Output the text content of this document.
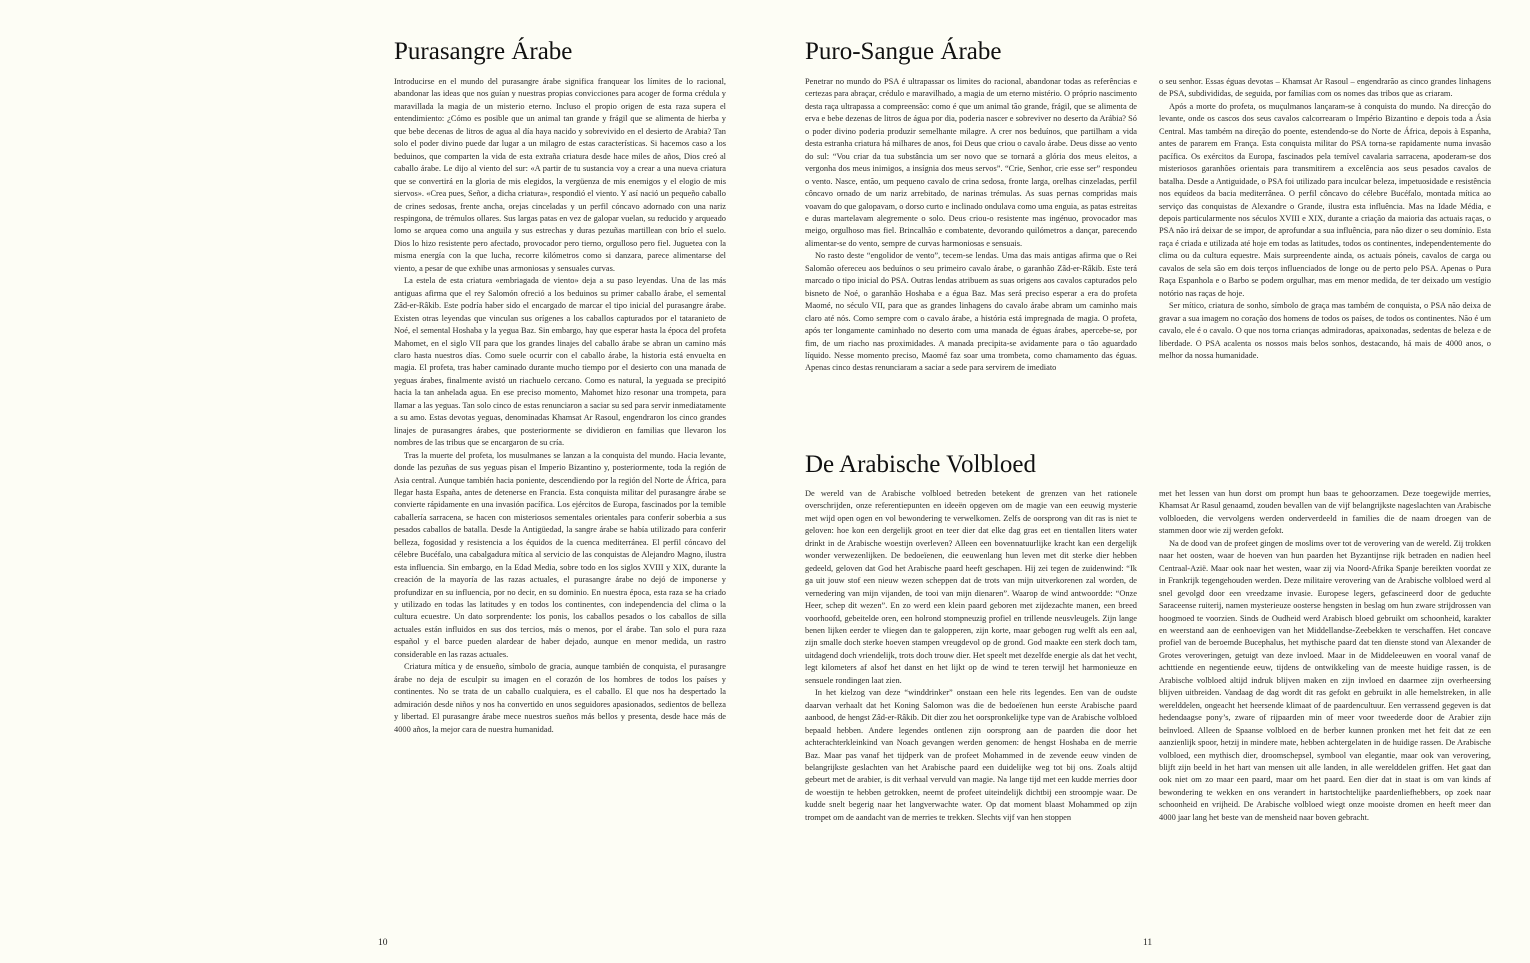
Purasangre Árabe

Introducirse en el mundo del purasangre árabe significa franquear los límites de lo racional, abandonar las ideas que nos guían y nuestras propias convicciones para acoger de forma crédula y maravillada la magia de un misterio eterno. Incluso el propio origen de esta raza supera el entendimiento: ¿Cómo es posible que un animal tan grande y frágil que se alimenta de hierba y que bebe decenas de litros de agua al día haya nacido y sobrevivido en el desierto de Arabia? Tan solo el poder divino puede dar lugar a un milagro de estas características. Si hacemos caso a los beduinos, que comparten la vida de esta extraña criatura desde hace miles de años, Dios creó al caballo árabe. Le dijo al viento del sur: «A partir de tu sustancia voy a crear a una nueva criatura que se convertirá en la gloria de mis elegidos, la vergüenza de mis enemigos y el elogio de mis siervos». «Crea pues, Señor, a dicha criatura», respondió el viento. Y así nació un pequeño caballo de crines sedosas, frente ancha, orejas cinceladas y un perfil cóncavo adornado con una nariz respingona, de trémulos ollares. Sus largas patas en vez de galopar vuelan, su reducido y arqueado lomo se arquea como una anguila y sus estrechas y duras pezuñas martillean con brío el suelo. Dios lo hizo resistente pero afectado, provocador pero tierno, orgulloso pero fiel. Juguetea con la misma energía con la que lucha, recorre kilómetros como si danzara, parece alimentarse del viento, a pesar de que exhibe unas armoniosas y sensuales curvas.

La estela de esta criatura «embriagada de viento» deja a su paso leyendas. Una de las más antiguas afirma que el rey Salomón ofreció a los beduinos su primer caballo árabe, el semental Zâd-er-Râkib. Este podría haber sido el encargado de marcar el tipo inicial del purasangre árabe. Existen otras leyendas que vinculan sus orígenes a los caballos capturados por el tataranieto de Noé, el semental Hoshaba y la yegua Baz. Sin embargo, hay que esperar hasta la época del profeta Mahomet, en el siglo VII para que los grandes linajes del caballo árabe se abran un camino más claro hasta nuestros días. Como suele ocurrir con el caballo árabe, la historia está envuelta en magia. El profeta, tras haber caminado durante mucho tiempo por el desierto con una manada de yeguas árabes, finalmente avistó un riachuelo cercano. Como es natural, la yeguada se precipitó hacia la tan anhelada agua. En ese preciso momento, Mahomet hizo resonar una trompeta, para llamar a las yeguas. Tan solo cinco de estas renunciaron a saciar su sed para servir inmediatamente a su amo. Estas devotas yeguas, denominadas Khamsat Ar Rasoul, engendraron los cinco grandes linajes de purasangres árabes, que posteriormente se dividieron en familias que llevaron los nombres de las tribus que se encargaron de su cría.

Tras la muerte del profeta, los musulmanes se lanzan a la conquista del mundo. Hacia levante, donde las pezuñas de sus yeguas pisan el Imperio Bizantino y, posteriormente, toda la región de Asia central. Aunque también hacia poniente, descendiendo por la región del Norte de África, para llegar hasta España, antes de detenerse en Francia. Esta conquista militar del purasangre árabe se convierte rápidamente en una invasión pacífica. Los ejércitos de Europa, fascinados por la temible caballería sarracena, se hacen con misteriosos sementales orientales para conferir soberbia a sus pesados caballos de batalla. Desde la Antigüedad, la sangre árabe se había utilizado para conferir belleza, fogosidad y resistencia a los équidos de la cuenca mediterránea. El perfil cóncavo del célebre Bucéfalo, una cabalgadura mítica al servicio de las conquistas de Alejandro Magno, ilustra esta influencia. Sin embargo, en la Edad Media, sobre todo en los siglos XVIII y XIX, durante la creación de la mayoría de las razas actuales, el purasangre árabe no dejó de imponerse y profundizar en su influencia, por no decir, en su dominio. En nuestra época, esta raza se ha criado y utilizado en todas las latitudes y en todos los continentes, con independencia del clima o la cultura ecuestre. Un dato sorprendente: los ponis, los caballos pesados o los caballos de silla actuales están influidos en sus dos tercios, más o menos, por el árabe. Tan solo el pura raza español y el barce pueden alardear de haber dejado, aunque en menor medida, un rastro considerable en las razas actuales.

Criatura mítica y de ensueño, símbolo de gracia, aunque también de conquista, el purasangre árabe no deja de esculpir su imagen en el corazón de los hombres de todos los países y continentes. No se trata de un caballo cualquiera, es el caballo. El que nos ha despertado la admiración desde niños y nos ha convertido en unos seguidores apasionados, sedientos de belleza y libertad. El purasangre árabe mece nuestros sueños más bellos y presenta, desde hace más de 4000 años, la mejor cara de nuestra humanidad.

Puro-Sangue Árabe

Penetrar no mundo do PSA é ultrapassar os limites do racional, abandonar todas as referências e certezas para abraçar, crédulo e maravilhado, a magia de um eterno mistério. O próprio nascimento desta raça ultrapassa a compreensão: como é que um animal tão grande, frágil, que se alimenta de erva e bebe dezenas de litros de água por dia, poderia nascer e sobreviver no deserto da Arábia? Só o poder divino poderia produzir semelhante milagre. A crer nos beduínos, que partilham a vida desta estranha criatura há milhares de anos, foi Deus que criou o cavalo árabe. Deus disse ao vento do sul: “Vou criar da tua substância um ser novo que se tornará a glória dos meus eleitos, a vergonha dos meus inimigos, a insígnia dos meus servos”. “Crie, Senhor, crie esse ser” respondeu o vento. Nasce, então, um pequeno cavalo de crina sedosa, fronte larga, orelhas cinzeladas, perfil côncavo ornado de um nariz arrebitado, de narinas trémulas. As suas pernas compridas mais voavam do que galopavam, o dorso curto e inclinado ondulava como uma enguia, as patas estreitas e duras martelavam alegremente o solo. Deus criou-o resistente mas ingénuo, provocador mas meigo, orgulhoso mas fiel. Brincalhão e combatente, devorando quilómetros a dançar, parecendo alimentar-se do vento, sempre de curvas harmoniosas e sensuais.

No rasto deste “engolidor de vento”, tecem-se lendas. Uma das mais antigas afirma que o Rei Salomão ofereceu aos beduínos o seu primeiro cavalo árabe, o garanhão Zâd-er-Râkib. Este terá marcado o tipo inicial do PSA. Outras lendas atribuem as suas origens aos cavalos capturados pelo bisneto de Noé, o garanhão Hoshaba e a égua Baz. Mas será preciso esperar a era do profeta Maomé, no século VII, para que as grandes linhagens do cavalo árabe abram um caminho mais claro até nós. Como sempre com o cavalo árabe, a história está impregnada de magia. O profeta, após ter longamente caminhado no deserto com uma manada de éguas árabes, apercebe-se, por fim, de um riacho nas proximidades. A manada precipita-se avidamente para o tão aguardado líquido. Nesse momento preciso, Maomé faz soar uma trombeta, como chamamento das éguas. Apenas cinco destas renunciaram a saciar a sede para servirem de imediato

o seu senhor. Essas éguas devotas – Khamsat Ar Rasoul – engendrarão as cinco grandes linhagens de PSA, subdivididas, de seguida, por famílias com os nomes das tribos que as criaram.

Após a morte do profeta, os muçulmanos lançaram-se à conquista do mundo. Na direcção do levante, onde os cascos dos seus cavalos calcorrearam o Império Bizantino e depois toda a Ásia Central. Mas também na direção do poente, estendendo-se do Norte de África, depois à Espanha, antes de pararem em França. Esta conquista militar do PSA torna-se rapidamente numa invasão pacífica. Os exércitos da Europa, fascinados pela temível cavalaria sarracena, apoderam-se dos misteriosos garanhões orientais para transmitirem a excelência aos seus pesados cavalos de batalha. Desde a Antiguidade, o PSA foi utilizado para inculcar beleza, impetuosidade e resistência nos equídeos da bacia mediterrânea. O perfil côncavo do célebre Bucéfalo, montada mítica ao serviço das conquistas de Alexandre o Grande, ilustra esta influência. Mas na Idade Média, e depois particularmente nos séculos XVIII e XIX, durante a criação da maioria das actuais raças, o PSA não irá deixar de se impor, de aprofundar a sua influência, para não dizer o seu domínio. Esta raça é criada e utilizada até hoje em todas as latitudes, todos os continentes, independentemente do clima ou da cultura equestre. Mais surpreendente ainda, os actuais póneis, cavalos de carga ou cavalos de sela são em dois terços influenciados de longe ou de perto pelo PSA. Apenas o Pura Raça Espanhola e o Barbo se podem orgulhar, mas em menor medida, de ter deixado um vestígio notório nas raças de hoje.

Ser mítico, criatura de sonho, símbolo de graça mas também de conquista, o PSA não deixa de gravar a sua imagem no coração dos homens de todos os países, de todos os continentes. Não é um cavalo, ele é o cavalo. O que nos torna crianças admiradoras, apaixonadas, sedentas de beleza e de liberdade. O PSA acalenta os nossos mais belos sonhos, destacando, há mais de 4000 anos, o melhor da nossa humanidade.

De Arabische Volbloed

De wereld van de Arabische volbloed betreden betekent de grenzen van het rationele overschrijden, onze referentiepunten en ideeën opgeven om de magie van een eeuwig mysterie met wijd open ogen en vol bewondering te verwelkomen. Zelfs de oorsprong van dit ras is niet te geloven: hoe kon een dergelijk groot en teer dier dat elke dag gras eet en tientallen liters water drinkt in de Arabische woestijn overleven? Alleen een bovennatuurlijke kracht kan een dergelijk wonder verwezenlijken. De bedoeïenen, die eeuwenlang hun leven met dit sterke dier hebben gedeeld, geloven dat God het Arabische paard heeft geschapen. Hij zei tegen de zuidenwind: “Ik ga uit jouw stof een nieuw wezen scheppen dat de trots van mijn uitverkorenen zal worden, de vernedering van mijn vijanden, de tooi van mijn dienaren”. Waarop de wind antwoordde: “Onze Heer, schep dit wezen”. En zo werd een klein paard geboren met zijdezachte manen, een breed voorhoofd, gebeitelde oren, een holrond stompneuzig profiel en trillende neusvleugels. Zijn lange benen lijken eerder te vliegen dan te galopperen, zijn korte, maar gebogen rug welft als een aal, zijn smalle doch sterke hoeven stampen vreugdevol op de grond. God maakte een sterk doch tam, uitdagend doch vriendelijk, trots doch trouw dier. Het speelt met dezelfde energie als dat het vecht, legt kilometers af alsof het danst en het lijkt op de wind te teren terwijl het harmonieuze en sensuele rondingen laat zien.

In het kielzog van deze “winddrinker” onstaan een hele rits legendes. Een van de oudste daarvan verhaalt dat het Koning Salomon was die de bedoeïenen hun eerste Arabische paard aanbood, de hengst Zâd-er-Râkib. Dit dier zou het oorspronkelijke type van de Arabische volbloed bepaald hebben. Andere legendes ontlenen zijn oorsprong aan de paarden die door het achterachterkleinkind van Noach gevangen werden genomen: de hengst Hoshaba en de merrie Baz. Maar pas vanaf het tijdperk van de profeet Mohammed in de zevende eeuw vinden de belangrijkste geslachten van het Arabische paard een duidelijke weg tot bij ons. Zoals altijd gebeurt met de arabier, is dit verhaal vervuld van magie. Na lange tijd met een kudde merries door de woestijn te hebben getrokken, neemt de profeet uiteindelijk dichtbij een stroompje waar. De kudde snelt begerig naar het langverwachte water. Op dat moment blaast Mohammed op zijn trompet om de aandacht van de merries te trekken. Slechts vijf van hen stoppen

met het lessen van hun dorst om prompt hun baas te gehoorzamen. Deze toegewijde merries, Khamsat Ar Rasul genaamd, zouden bevallen van de vijf belangrijkste nageslachten van Arabische volbloeden, die vervolgens werden onderverdeeld in families die de naam droegen van de stammen door wie zij werden gefokt.

Na de dood van de profeet gingen de moslims over tot de verovering van de wereld. Zij trokken naar het oosten, waar de hoeven van hun paarden het Byzantijnse rijk betraden en nadien heel Centraal-Azië. Maar ook naar het westen, waar zij via Noord-Afrika Spanje bereikten voordat ze in Frankrijk tegengehouden werden. Deze militaire verovering van de Arabische volbloed werd al snel gevolgd door een vreedzame invasie. Europese legers, gefascineerd door de geduchte Saraceense ruiterij, namen mysterieuze oosterse hengsten in beslag om hun zware strijdrossen van hoogmoed te voorzien. Sinds de Oudheid werd Arabisch bloed gebruikt om schoonheid, karakter en weerstand aan de eenhoevigen van het Middellandse-Zeebekken te verschaffen. Het concave profiel van de beroemde Bucephalus, het mythische paard dat ten dienste stond van Alexander de Grotes veroveringen, getuigt van deze invloed. Maar in de Middeleeuwen en vooral vanaf de achttiende en negentiende eeuw, tijdens de ontwikkeling van de meeste huidige rassen, is de Arabische volbloed altijd indruk blijven maken en zijn invloed en daarmee zijn overheersing blijven uitbreiden. Vandaag de dag wordt dit ras gefokt en gebruikt in alle hemelstreken, in alle werelddelen, ongeacht het heersende klimaat of de paardencultuur. Een verrassend gegeven is dat hedendaagse pony’s, zware of rijpaarden min of meer voor tweederde door de Arabier zijn beïnvloed. Alleen de Spaanse volbloed en de berber kunnen pronken met het feit dat ze een aanzienlijk spoor, hetzij in mindere mate, hebben achtergelaten in de huidige rassen. De Arabische volbloed, een mythisch dier, droomschepsel, symbool van elegantie, maar ook van verovering, blijft zijn beeld in het hart van mensen uit alle landen, in alle werelddelen griffen. Het gaat dan ook niet om zo maar een paard, maar om het paard. Een dier dat in staat is om van kinds af bewondering te wekken en ons verandert in hartstochtelijke paardenliefhebbers, op zoek naar schoonheid en vrijheid. De Arabische volbloed wiegt onze mooiste dromen en heeft meer dan 4000 jaar lang het beste van de mensheid naar boven gebracht.

10	11
